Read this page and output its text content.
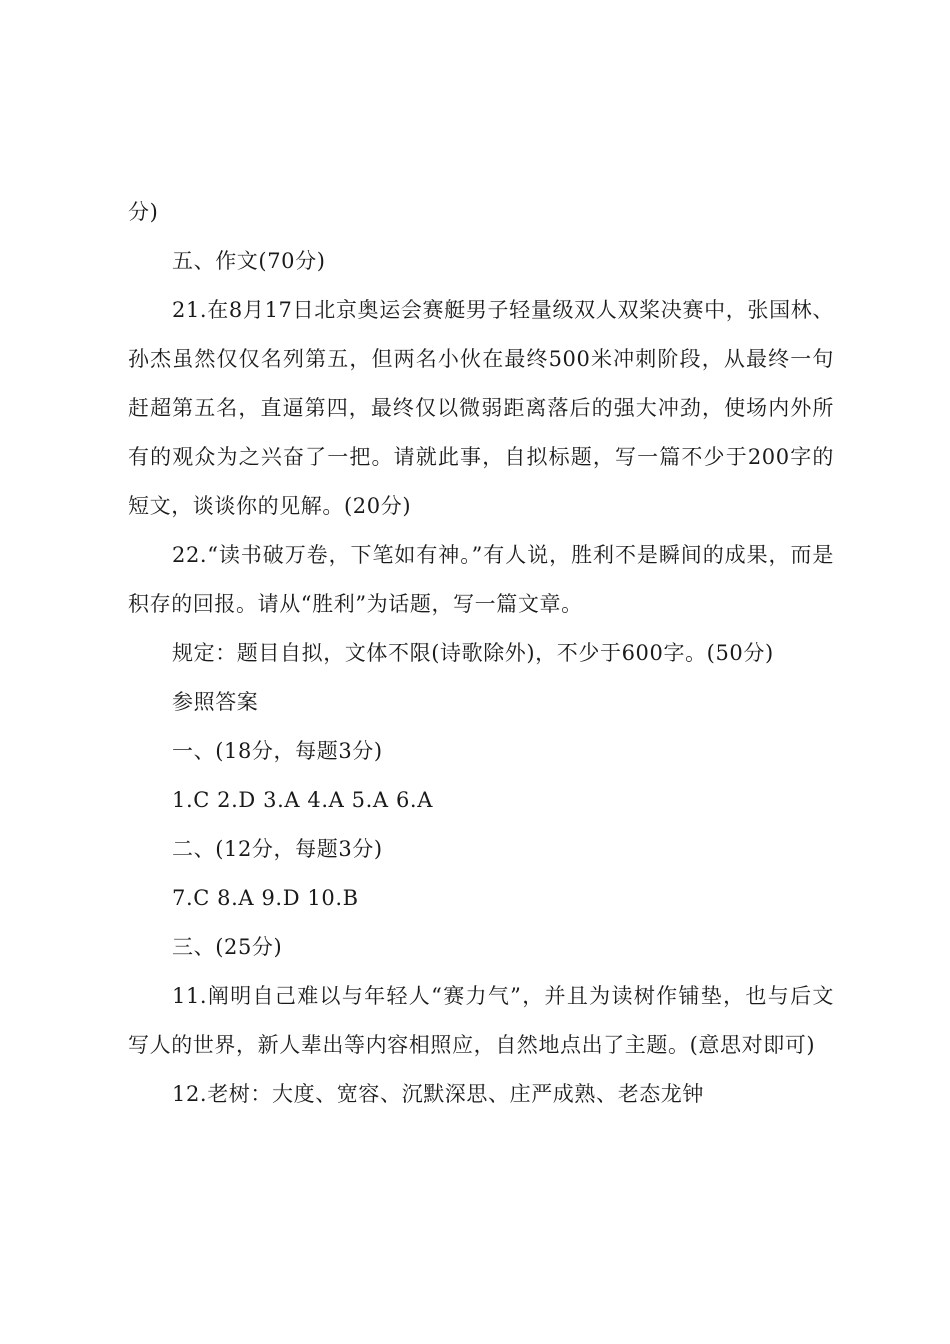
分)

五、作文(70分)

21.在8月17日北京奥运会赛艇男子轻量级双人双桨决赛中，张国林、孙杰虽然仅仅名列第五，但两名小伙在最终500米冲刺阶段，从最终一句赶超第五名，直逼第四，最终仅以微弱距离落后的强大冲劲，使场内外所有的观众为之兴奋了一把。请就此事，自拟标题，写一篇不少于200字的短文，谈谈你的见解。(20分)

22.“读书破万卷，下笔如有神。”有人说，胜利不是瞬间的成果，而是积存的回报。请从“胜利”为话题，写一篇文章。

规定：题目自拟，文体不限(诗歌除外)，不少于600字。(50分)

参照答案

一、(18分，每题3分)

1.C 2.D 3.A 4.A 5.A 6.A

二、(12分，每题3分)

7.C 8.A 9.D 10.B

三、(25分)

11.阐明自己难以与年轻人“赛力气”，并且为读树作铺垫，也与后文写人的世界，新人辈出等内容相照应，自然地点出了主题。(意思对即可)

12.老树：大度、宽容、沉默深思、庄严成熟、老态龙钟
